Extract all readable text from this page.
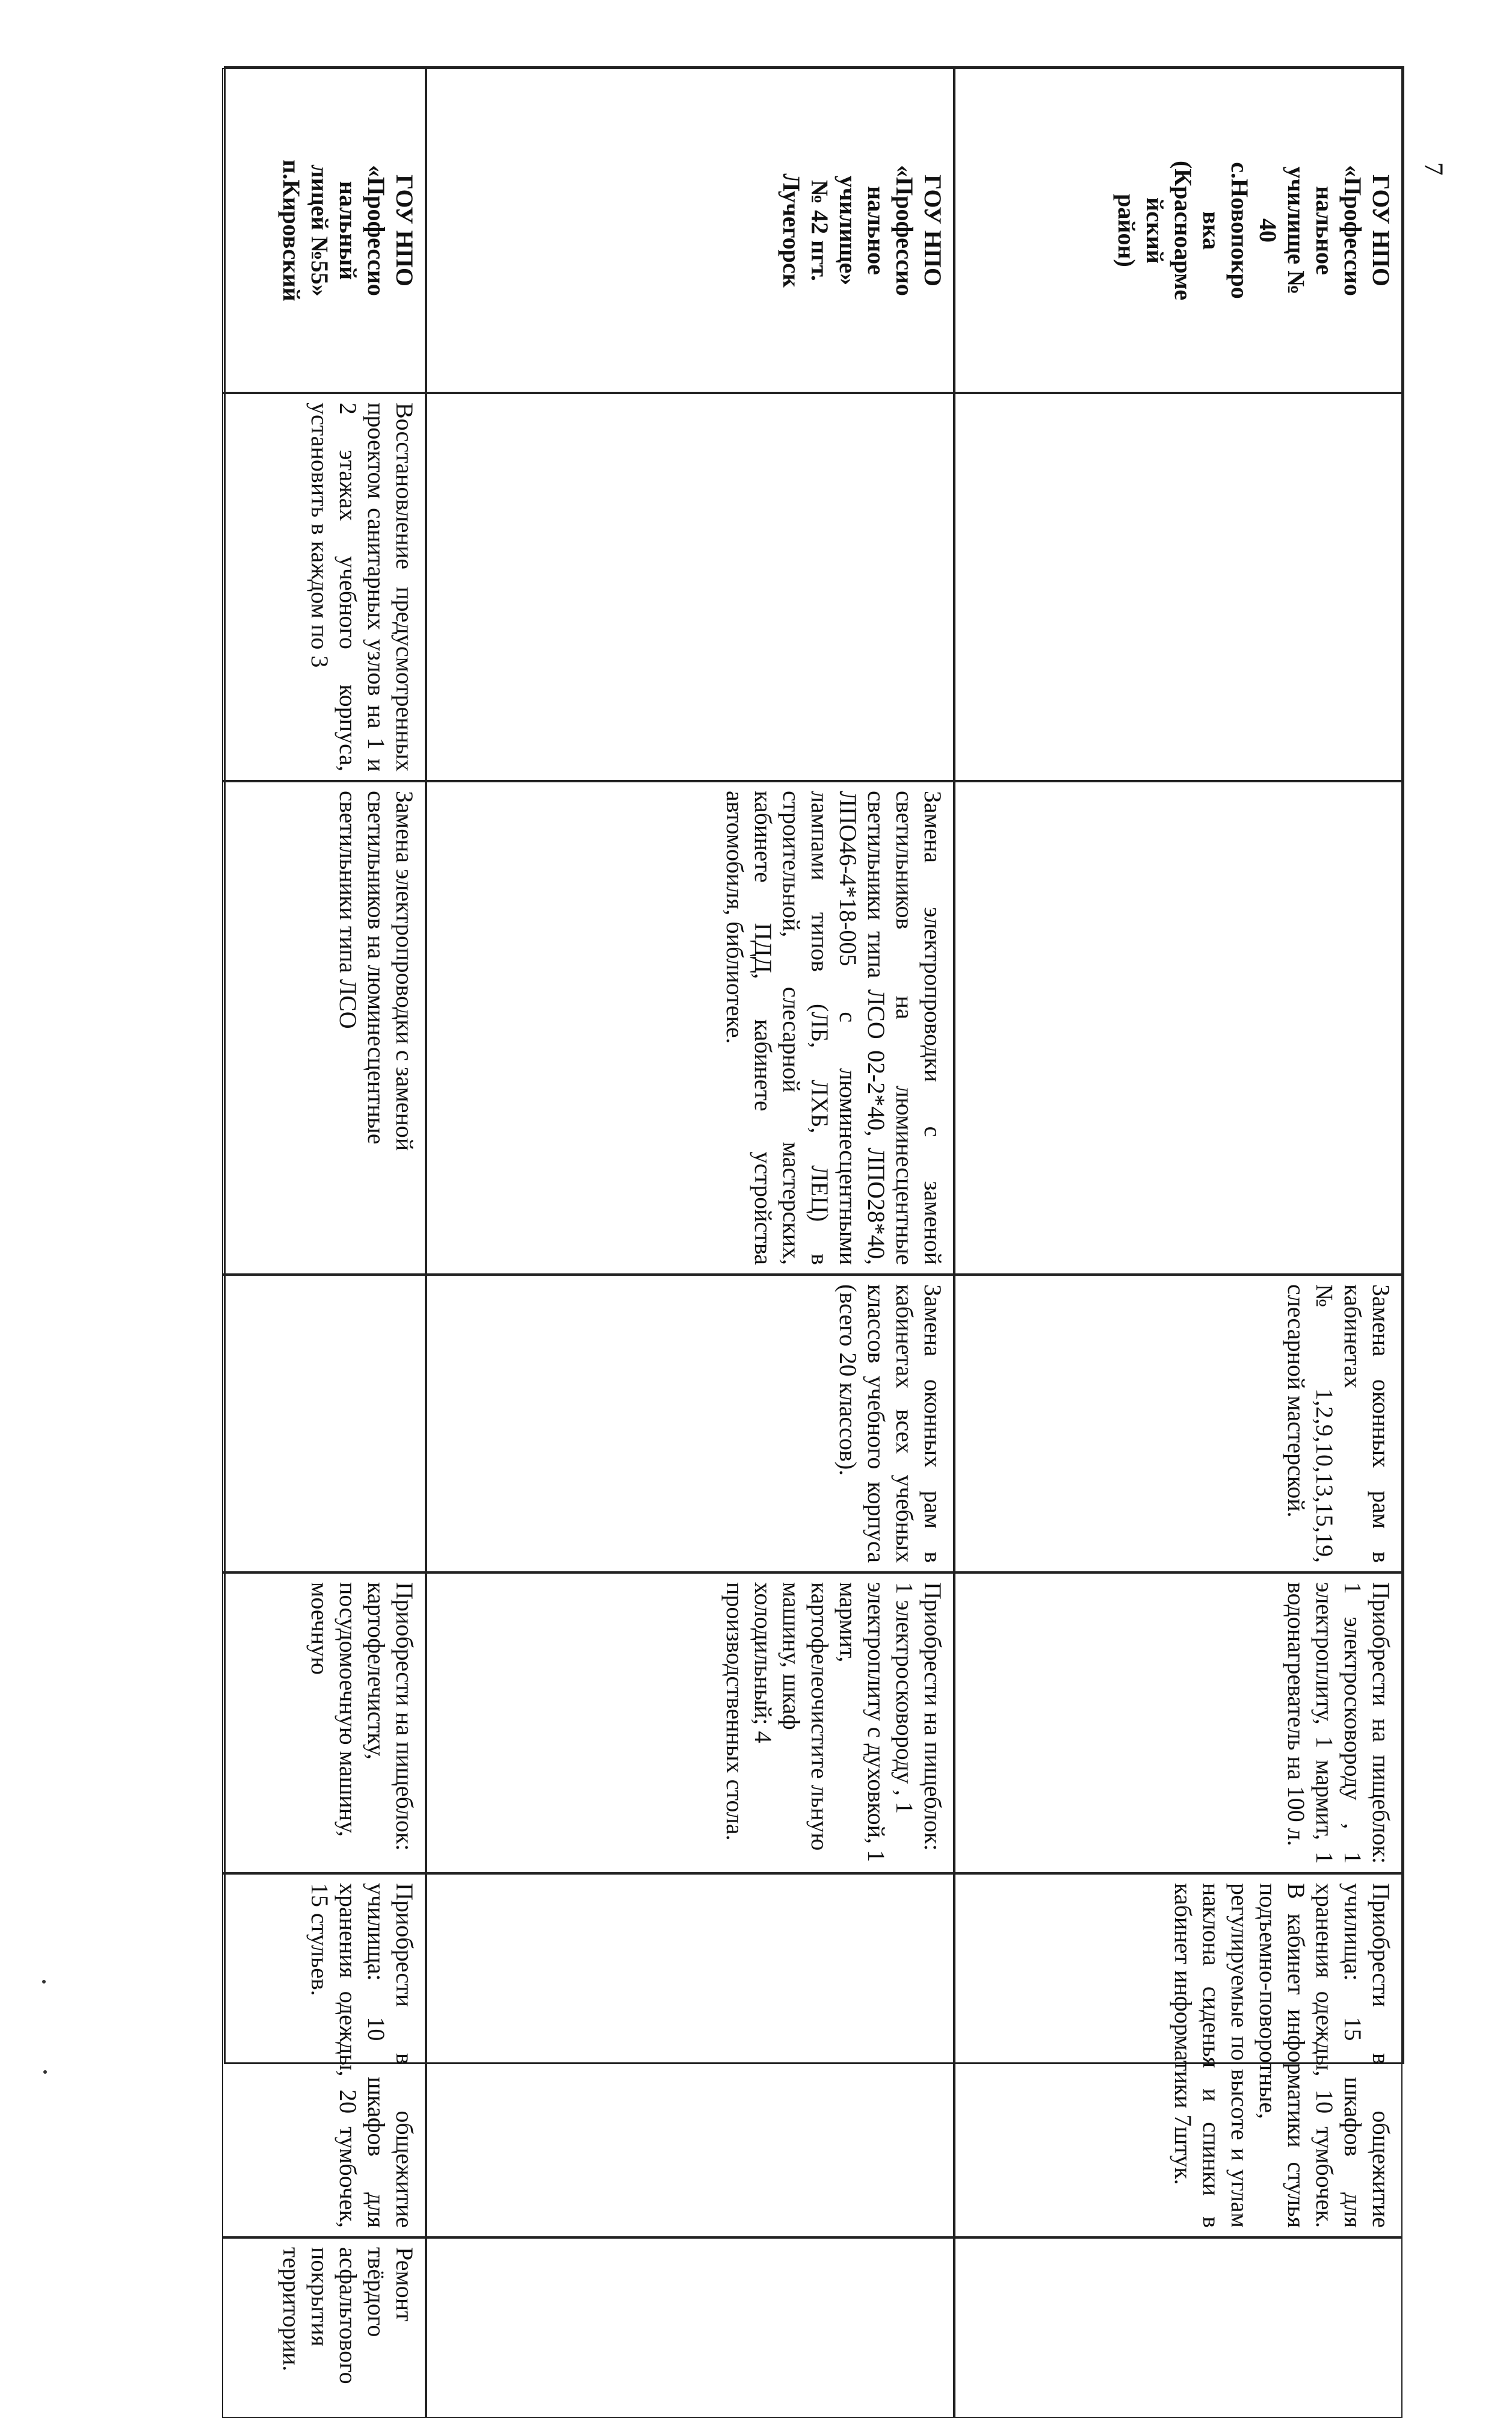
ГОУ НПО
«Профессио
нальное
училище №
40
с.Новопокро
вка
(Красноарме
йский
район)
Замена оконных рам в кабинетах №1,2,9,10,13,15,19, слесарной мастерской.
Приобрести на пищеблок: 1 электросковороду , 1 электроплиту, 1 мармит, 1 водонагреватель на 100 л.
Приобрести в общежитие училища: 15 шкафов для хранения одежды, 10 тумбочек. В кабинет информатики стулья подъемно-поворотные, регулируемые по высоте и углам наклона сиденья и спинки в кабинет информатики 7штук.
ГОУ НПО
«Профессио
нальное
училище»
№ 42 пгт.
Лучегорск
Замена электропроводки с заменой светильников на люминесцентные светильники типа ЛСО 02-2*40, ЛПО28*40, ЛПО46-4*18-005 с люминесцентными лампами типов (ЛБ, ЛХБ, ЛЕЦ) в строительной, слесарной мастерских, кабинете ПДД, кабинете устройства автомобиля, библиотеке.
Замена оконных рам в кабинетах всех учебных классов учебного корпуса (всего 20 классов).
Приобрести на пищеблок: 1 электросковороду , 1 электроплиту с духовкой, 1 мармит, картофелеочистите льную машину, шкаф холодильный; 4 производственных стола.
ГОУ НПО
«Профессио
нальный
лицей №55»
п.Кировский
Восстановление предусмотренных проектом санитарных узлов на 1 и 2 этажах учебного корпуса, установить в каждом по 3
Замена электропроводки с заменой светильников на люминесцентные светильники типа ЛСО
Приобрести на пищеблок: картофелечистку, посудомоечную машину, моечную
Приобрести в общежитие училища: 10 шкафов для хранения одежды, 20 тумбочек, 15 стульев.
Ремонт твёрдого асфальтового покрытия территории.
7
